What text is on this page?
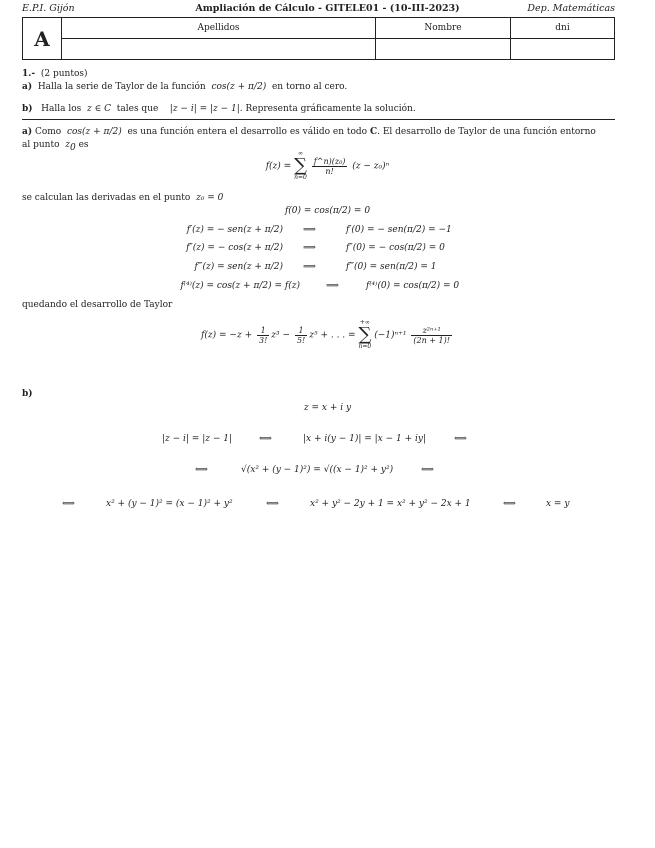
E.P.I. Gijón	Ampliación de Cálculo - GITELE01 - (10-III-2023)	Dep. Matemáticas
A	Apellidos	Nombre	dni

1.- (2 puntos)
a) Halla la serie de Taylor de la función cos(z + π/2) en torno al cero.
b) Halla los z ∈ C tales que |z − i| = |z − 1|. Representa gráficamente la solución.
a) Como cos(z + π/2) es una función entera el desarrollo es válido en todo C. El desarrollo de Taylor de una función entorno
al punto $z_0$ es
f(z) =
∞
∑
n=0

$\frac{\text{f\textasciicircum{}n)(z₀)}}{n!} (z - z_0)^n$
se calculan las derivadas en el punto z₀ = 0
f(0) = cos(π/2) = 0
f′(z) = − sen(z + π/2) ⟹	f′(0) = − sen(π/2) = −1
f″(z) = − cos(z + π/2) ⟹	f″(0) = − cos(π/2) = 0
f‴(z) = sen(z + π/2) ⟹	f‴(0) = sen(π/2) = 1
f⁽⁴⁾(z) = cos(z + π/2) = f(z)	⟹	f⁽⁴⁾(0) = cos(π/2) = 0
quedando el desarrollo de Taylor
$f(z) = -z + \frac{1}{3!} z^3 - \frac{1}{5!} z^5$ + . . . =
+∞
∑
n=0
$(-1)^{n+1} \frac{\text{z²ⁿ⁺¹}}{(2n + 1)!}$
b)
z = x + i y
|z − i| = |z − 1|	⟺	|x + i(y − 1)| = |x − 1 + iy|	⟺
⟺	√(x² + (y − 1)²) = √((x − 1)² + y²)	⟺
⟺	x² + (y − 1)² = (x − 1)² + y²	⟺	x² + y² − 2y + 1 = x² + y² − 2x + 1	⟺	x = y
